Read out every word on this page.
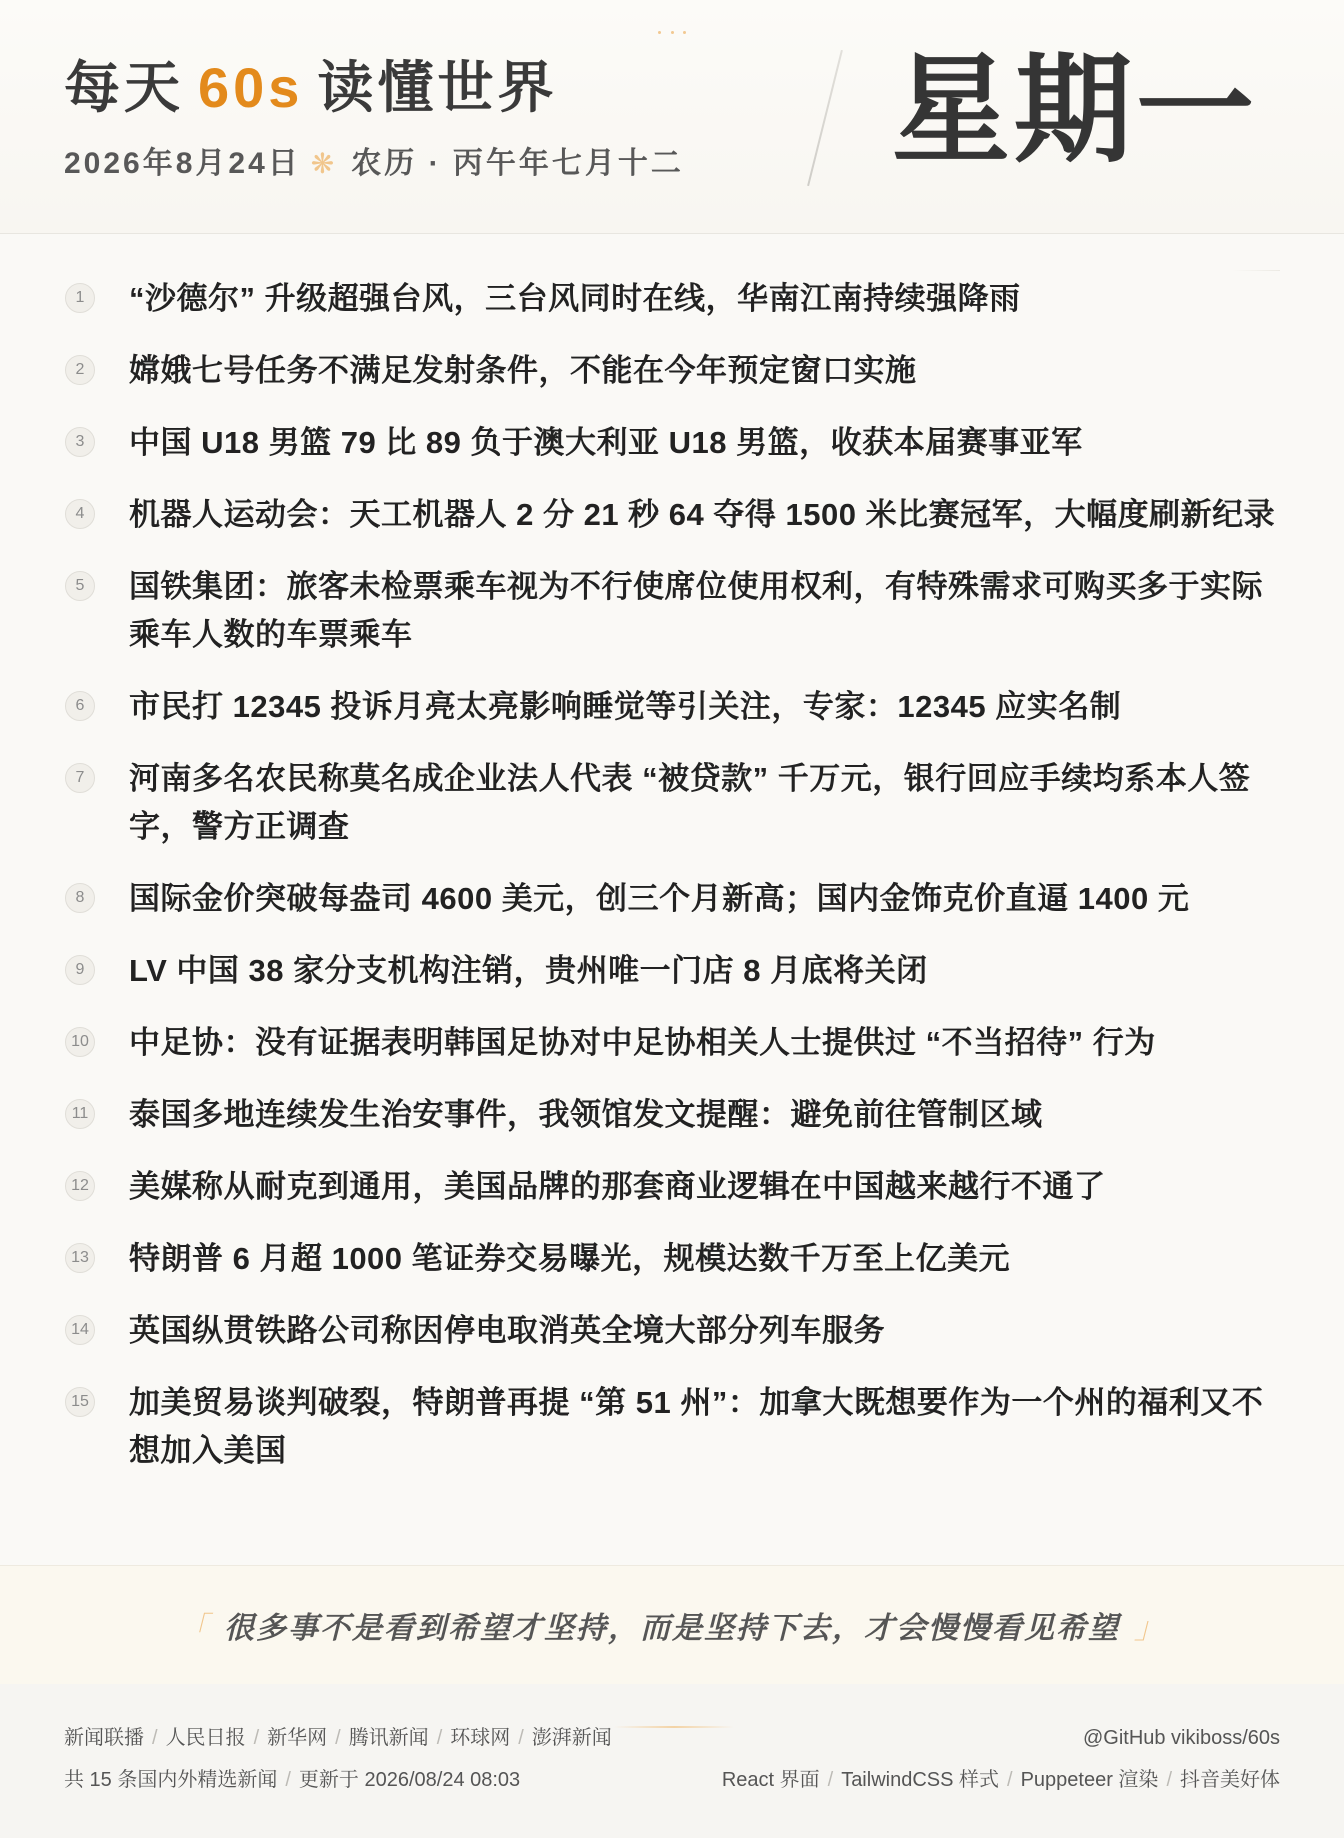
每天 60s 读懂世界
2026年8月24日❋ 农历 · 丙午年七月十二 星期一
1	“沙德尔” 升级超强台风，三台风同时在线，华南江南持续强降雨
2	嫦娥七号任务不满足发射条件，不能在今年预定窗口实施
3	中国 U18 男篮 79 比 89 负于澳大利亚 U18 男篮，收获本届赛事亚军
4	机器人运动会：天工机器人 2 分 21 秒 64 夺得 1500 米比赛冠军，大幅度刷新纪录
5	国铁集团：旅客未检票乘车视为不行使席位使用权利，有特殊需求可购买多于实际乘车人数的车票乘车
6	市民打 12345 投诉月亮太亮影响睡觉等引关注，专家：12345 应实名制
7	河南多名农民称莫名成企业法人代表 “被贷款” 千万元，银行回应手续均系本人签字，警方正调查
8	国际金价突破每盎司 4600 美元，创三个月新高；国内金饰克价直逼 1400 元
9	LV 中国 38 家分支机构注销，贵州唯一门店 8 月底将关闭
10 中足协：没有证据表明韩国足协对中足协相关人士提供过 “不当招待” 行为
11 泰国多地连续发生治安事件，我领馆发文提醒：避免前往管制区域
12 美媒称从耐克到通用，美国品牌的那套商业逻辑在中国越来越行不通了
13 特朗普 6 月超 1000 笔证券交易曝光，规模达数千万至上亿美元
14 英国纵贯铁路公司称因停电取消英全境大部分列车服务
15 加美贸易谈判破裂，特朗普再提 “第 51 州”：加拿大既想要作为一个州的福利又不想加入美国
「 很多事不是看到希望才坚持，而是坚持下去，才会慢慢看见希望 」
新闻联播 / 人民日报 / 新华网 / 腾讯新闻 / 环球网 / 澎湃新闻	@GitHub vikiboss/60s
共 15 条国内外精选新闻 / 更新于 2026/08/24 08:03	React 界面 / TailwindCSS 样式 / Puppeteer 渲染 / 抖音美好体
